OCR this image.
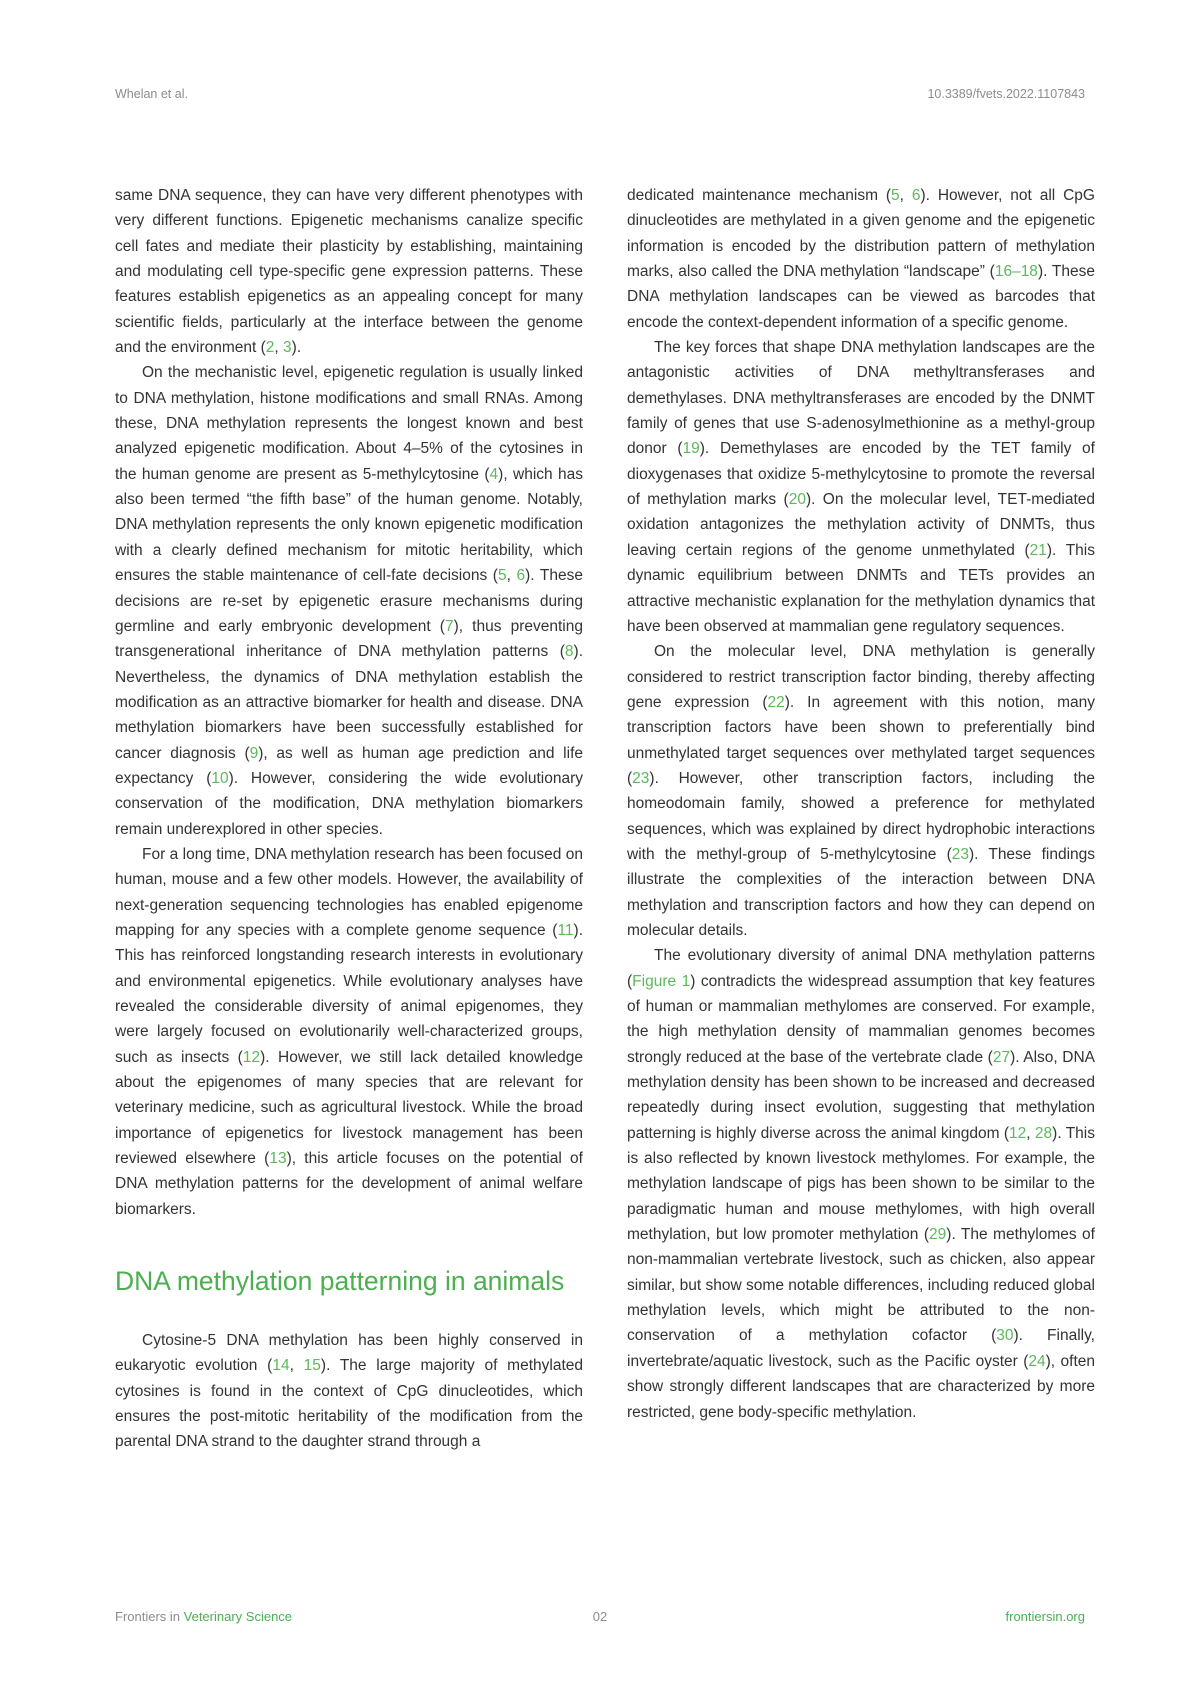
Whelan et al.	10.3389/fvets.2022.1107843

same DNA sequence, they can have very different phenotypes with very different functions. Epigenetic mechanisms canalize specific cell fates and mediate their plasticity by establishing, maintaining and modulating cell type-specific gene expression patterns. These features establish epigenetics as an appealing concept for many scientific fields, particularly at the interface between the genome and the environment (2, 3).

On the mechanistic level, epigenetic regulation is usually linked to DNA methylation, histone modifications and small RNAs. Among these, DNA methylation represents the longest known and best analyzed epigenetic modification. About 4–5% of the cytosines in the human genome are present as 5-methylcytosine (4), which has also been termed “the fifth base” of the human genome. Notably, DNA methylation represents the only known epigenetic modification with a clearly defined mechanism for mitotic heritability, which ensures the stable maintenance of cell-fate decisions (5, 6). These decisions are re-set by epigenetic erasure mechanisms during germline and early embryonic development (7), thus preventing transgenerational inheritance of DNA methylation patterns (8). Nevertheless, the dynamics of DNA methylation establish the modification as an attractive biomarker for health and disease. DNA methylation biomarkers have been successfully established for cancer diagnosis (9), as well as human age prediction and life expectancy (10). However, considering the wide evolutionary conservation of the modification, DNA methylation biomarkers remain underexplored in other species.

For a long time, DNA methylation research has been focused on human, mouse and a few other models. However, the availability of next-generation sequencing technologies has enabled epigenome mapping for any species with a complete genome sequence (11). This has reinforced longstanding research interests in evolutionary and environmental epigenetics. While evolutionary analyses have revealed the considerable diversity of animal epigenomes, they were largely focused on evolutionarily well-characterized groups, such as insects (12). However, we still lack detailed knowledge about the epigenomes of many species that are relevant for veterinary medicine, such as agricultural livestock. While the broad importance of epigenetics for livestock management has been reviewed elsewhere (13), this article focuses on the potential of DNA methylation patterns for the development of animal welfare biomarkers.

DNA methylation patterning in animals

Cytosine-5 DNA methylation has been highly conserved in eukaryotic evolution (14, 15). The large majority of methylated cytosines is found in the context of CpG dinucleotides, which ensures the post-mitotic heritability of the modification from the parental DNA strand to the daughter strand through a

dedicated maintenance mechanism (5, 6). However, not all CpG dinucleotides are methylated in a given genome and the epigenetic information is encoded by the distribution pattern of methylation marks, also called the DNA methylation “landscape” (16–18). These DNA methylation landscapes can be viewed as barcodes that encode the context-dependent information of a specific genome.

The key forces that shape DNA methylation landscapes are the antagonistic activities of DNA methyltransferases and demethylases. DNA methyltransferases are encoded by the DNMT family of genes that use S-adenosylmethionine as a methyl-group donor (19). Demethylases are encoded by the TET family of dioxygenases that oxidize 5-methylcytosine to promote the reversal of methylation marks (20). On the molecular level, TET-mediated oxidation antagonizes the methylation activity of DNMTs, thus leaving certain regions of the genome unmethylated (21). This dynamic equilibrium between DNMTs and TETs provides an attractive mechanistic explanation for the methylation dynamics that have been observed at mammalian gene regulatory sequences.

On the molecular level, DNA methylation is generally considered to restrict transcription factor binding, thereby affecting gene expression (22). In agreement with this notion, many transcription factors have been shown to preferentially bind unmethylated target sequences over methylated target sequences (23). However, other transcription factors, including the homeodomain family, showed a preference for methylated sequences, which was explained by direct hydrophobic interactions with the methyl-group of 5-methylcytosine (23). These findings illustrate the complexities of the interaction between DNA methylation and transcription factors and how they can depend on molecular details.

The evolutionary diversity of animal DNA methylation patterns (Figure 1) contradicts the widespread assumption that key features of human or mammalian methylomes are conserved. For example, the high methylation density of mammalian genomes becomes strongly reduced at the base of the vertebrate clade (27). Also, DNA methylation density has been shown to be increased and decreased repeatedly during insect evolution, suggesting that methylation patterning is highly diverse across the animal kingdom (12, 28). This is also reflected by known livestock methylomes. For example, the methylation landscape of pigs has been shown to be similar to the paradigmatic human and mouse methylomes, with high overall methylation, but low promoter methylation (29). The methylomes of non-mammalian vertebrate livestock, such as chicken, also appear similar, but show some notable differences, including reduced global methylation levels, which might be attributed to the non-conservation of a methylation cofactor (30). Finally, invertebrate/aquatic livestock, such as the Pacific oyster (24), often show strongly different landscapes that are characterized by more restricted, gene body-specific methylation.

Frontiers in Veterinary Science	02	frontiersin.org
